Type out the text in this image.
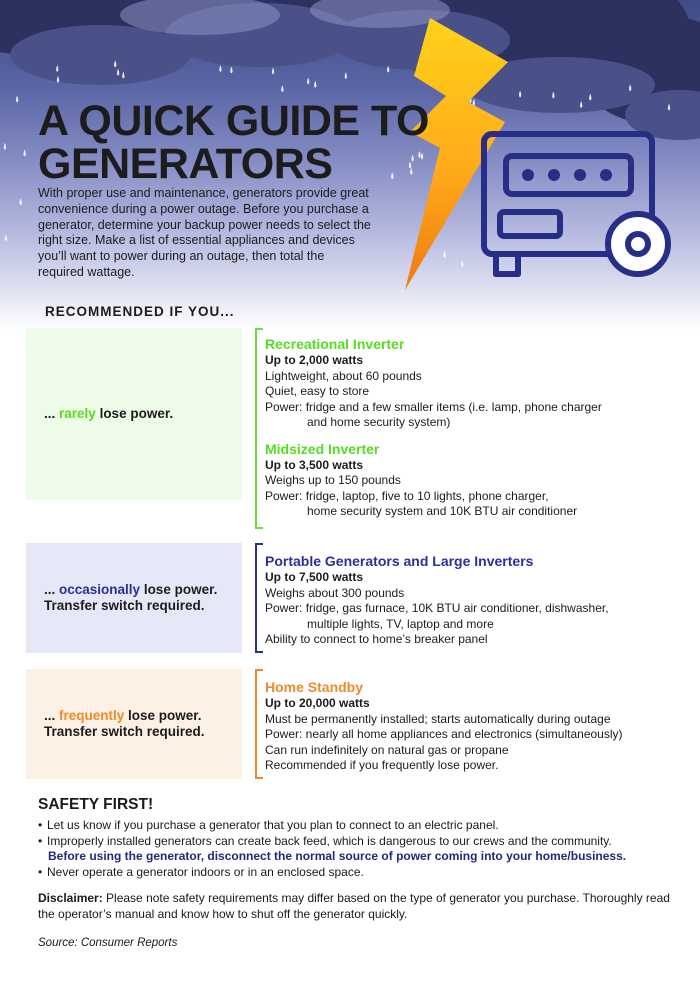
A QUICK GUIDE TO
GENERATORS

With proper use and maintenance, generators provide great convenience during a power outage. Before you purchase a generator, determine your backup power needs to select the right size. Make a list of essential appliances and devices you’ll want to power during an outage, then total the required wattage.

RECOMMENDED IF YOU...
... rarely lose power.
Recreational Inverter
Up to 2,000 watts
Lightweight, about 60 pounds
Quiet, easy to store
Power: fridge and a few smaller items (i.e. lamp, phone charger
and home security system)
Midsized Inverter
Up to 3,500 watts
Weighs up to 150 pounds
Power: fridge, laptop, five to 10 lights, phone charger,
home security system and 10K BTU air conditioner
... occasionally lose power.
Transfer switch required.
Portable Generators and Large Inverters
Up to 7,500 watts
Weighs about 300 pounds
Power: fridge, gas furnace, 10K BTU air conditioner, dishwasher,
multiple lights, TV, laptop and more
Ability to connect to home’s breaker panel
... frequently lose power.
Transfer switch required.
Home Standby
Up to 20,000 watts
Must be permanently installed; starts automatically during outage
Power: nearly all home appliances and electronics (simultaneously)
Can run indefinitely on natural gas or propane
Recommended if you frequently lose power.
SAFETY FIRST!
• Let us know if you purchase a generator that you plan to connect to an electric panel.
• Improperly installed generators can create back feed, which is dangerous to our crews and the community.
Before using the generator, disconnect the normal source of power coming into your home/business.
• Never operate a generator indoors or in an enclosed space.
Disclaimer: Please note safety requirements may differ based on the type of generator you purchase. Thoroughly read the operator’s manual and know how to shut off the generator quickly.
Source: Consumer Reports
